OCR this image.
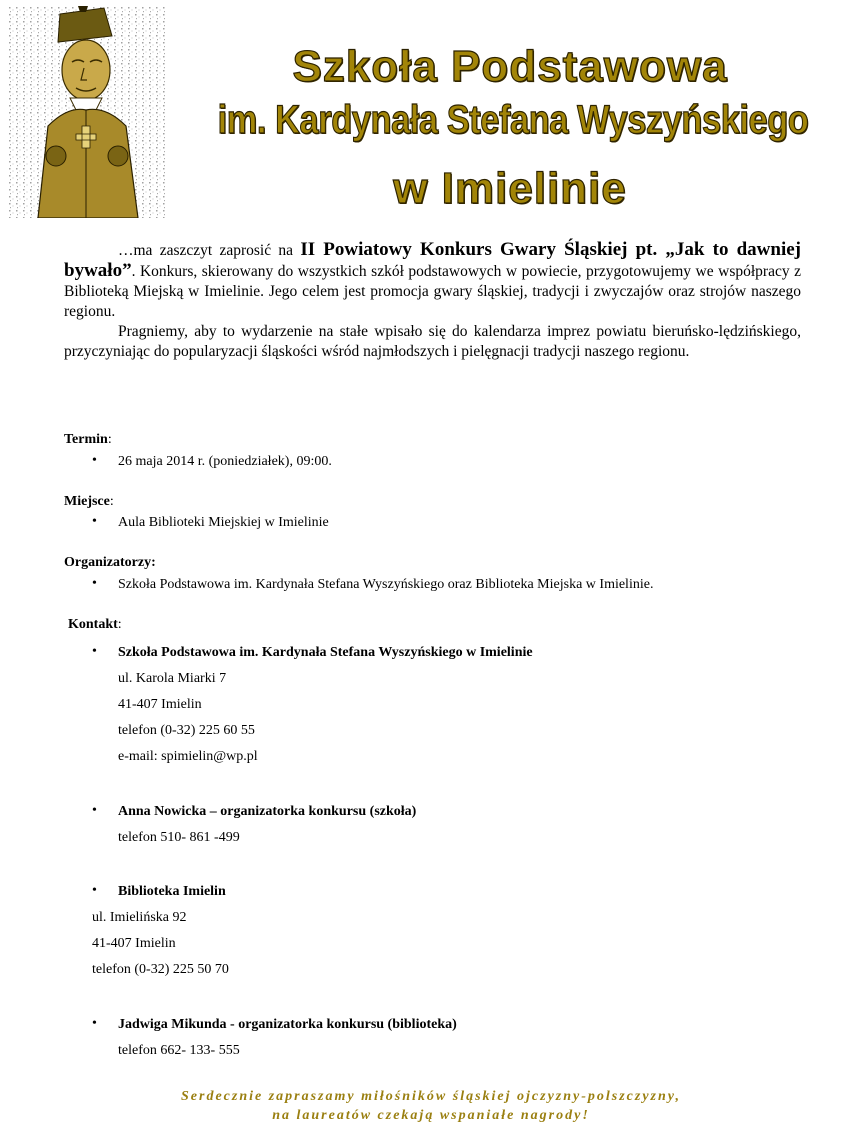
Szkoła Podstawowa
im. Kardynała Stefana Wyszyńskiego
w Imielinie

…ma zaszczyt zaprosić na II Powiatowy Konkurs Gwary Śląskiej pt. „Jak to dawniej bywało”. Konkurs, skierowany do wszystkich szkół podstawowych w powiecie, przygotowujemy we współpracy z Biblioteką Miejską w Imielinie. Jego celem jest promocja gwary śląskiej, tradycji i zwyczajów oraz strojów naszego regionu.

Pragniemy, aby to wydarzenie na stałe wpisało się do kalendarza imprez powiatu bieruńsko-lędzińskiego, przyczyniając do popularyzacji śląskości wśród najmłodszych i pielęgnacji tradycji naszego regionu.

Termin:
• 26 maja 2014 r. (poniedziałek), 09:00.
Miejsce:
• Aula Biblioteki Miejskiej w Imielinie
Organizatorzy:
• Szkoła Podstawowa im. Kardynała Stefana Wyszyńskiego oraz Biblioteka Miejska w Imielinie.
Kontakt:
• Szkoła Podstawowa im. Kardynała Stefana Wyszyńskiego w Imielinie
ul. Karola Miarki 7
41-407 Imielin
telefon (0-32) 225 60 55
e-mail: spimielin@wp.pl
• Anna Nowicka – organizatorka konkursu (szkoła)
telefon 510- 861 -499
• Biblioteka Imielin
ul. Imielińska 92
41-407 Imielin
telefon (0-32) 225 50 70
• Jadwiga Mikunda - organizatorka konkursu (biblioteka)
telefon 662- 133- 555
Serdecznie zapraszamy miłośników śląskiej ojczyzny-polszczyzny,
na laureatów czekają wspaniałe nagrody!
